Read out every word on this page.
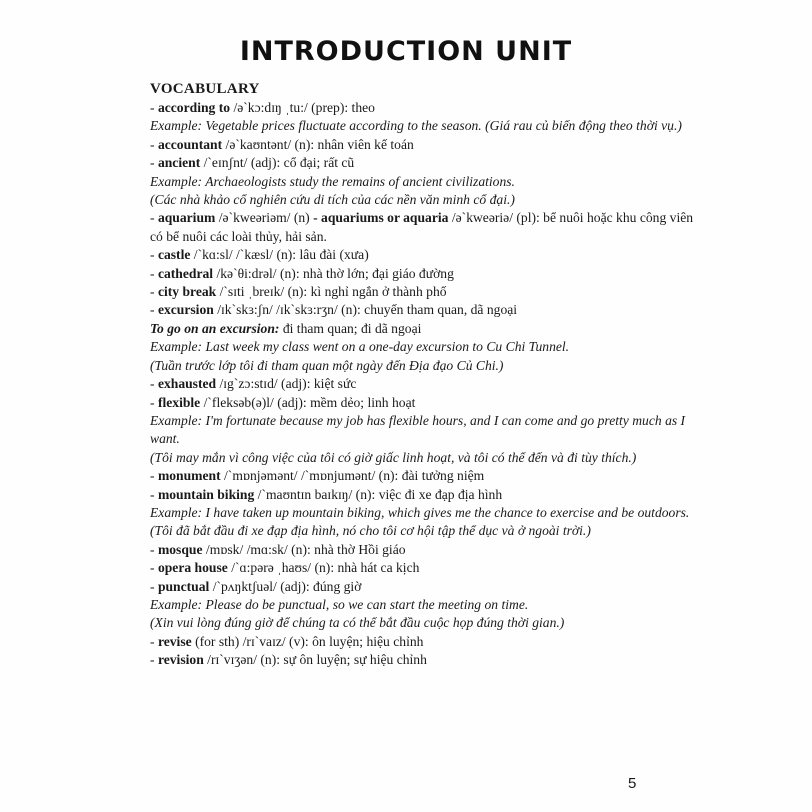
INTRODUCTION UNIT
VOCABULARY
- according to /ə`kɔ:dɪŋ ˌtu:/ (prep): theo
Example: Vegetable prices fluctuate according to the season. (Giá rau củ biến động theo thời vụ.)
- accountant /ə`kaʊntənt/ (n): nhân viên kế toán
- ancient /`eɪnʃnt/ (adj): cổ đại; rất cũ
Example: Archaeologists study the remains of ancient civilizations.
(Các nhà khảo cổ nghiên cứu di tích của các nền văn minh cổ đại.)
- aquarium /ə`kweəriəm/ (n) - aquariums or aquaria /ə`kweəriə/ (pl): bể nuôi hoặc khu công viên có bể nuôi các loài thủy, hải sản.
- castle /`kɑ:sl/ /`kæsl/ (n): lâu đài (xưa)
- cathedral /kə`θi:drəl/ (n): nhà thờ lớn; đại giáo đường
- city break /`sɪti ˌbreɪk/ (n): kì nghỉ ngắn ở thành phố
- excursion /ɪk`skɜ:ʃn/ /ɪk`skɜ:rʒn/ (n): chuyến tham quan, dã ngoại
To go on an excursion: đi tham quan; đi dã ngoại
Example: Last week my class went on a one-day excursion to Cu Chi Tunnel.
(Tuần trước lớp tôi đi tham quan một ngày đến Địa đạo Củ Chi.)
- exhausted /ɪg`zɔ:stɪd/ (adj): kiệt sức
- flexible /`fleksəb(ə)l/ (adj): mềm dẻo; linh hoạt
Example: I'm fortunate because my job has flexible hours, and I can come and go pretty much as I want.
(Tôi may mắn vì công việc của tôi có giờ giấc linh hoạt, và tôi có thể đến và đi tùy thích.)
- monument /`mɒnjəmənt/ /`mɒnjumənt/ (n): đài tưởng niệm
- mountain biking /`maʊntɪn baɪkɪŋ/ (n): việc đi xe đạp địa hình
Example: I have taken up mountain biking, which gives me the chance to exercise and be outdoors.
(Tôi đã bắt đầu đi xe đạp địa hình, nó cho tôi cơ hội tập thể dục và ở ngoài trời.)
- mosque /mɒsk/ /mɑ:sk/ (n): nhà thờ Hồi giáo
- opera house /`ɑ:pərə ˌhaʊs/ (n): nhà hát ca kịch
- punctual /`pʌŋktʃuəl/ (adj): đúng giờ
Example: Please do be punctual, so we can start the meeting on time.
(Xin vui lòng đúng giờ để chúng ta có thể bắt đầu cuộc họp đúng thời gian.)
- revise (for sth) /rɪ`vaɪz/ (v): ôn luyện; hiệu chỉnh
- revision /rɪ`vɪʒən/ (n): sự ôn luyện; sự hiệu chỉnh
5
